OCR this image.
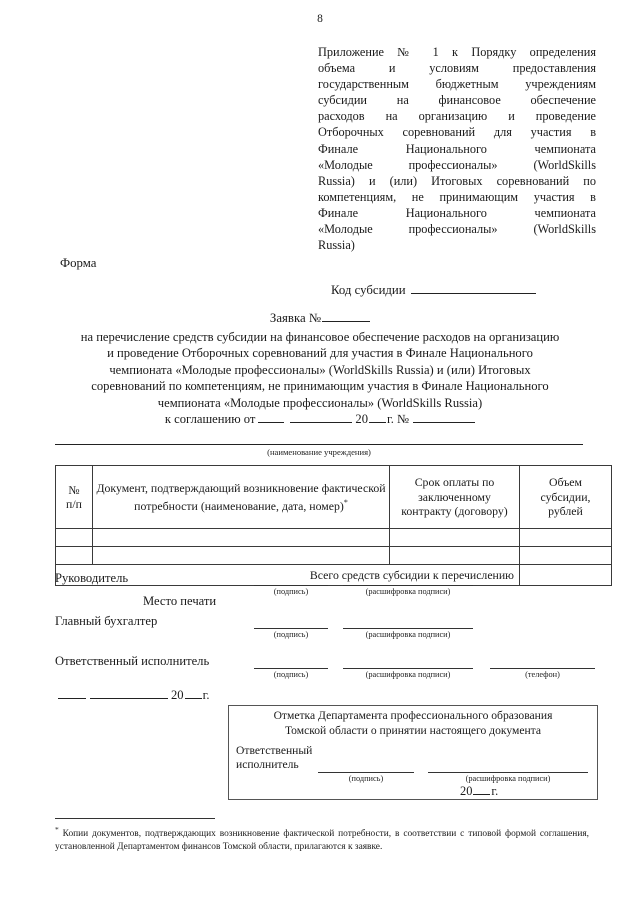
8

Приложение № 1 к Порядку определения

объема и условиям предоставления

государственным бюджетным учреждениям

субсидии на финансовое обеспечение

расходов на организацию и проведение

Отборочных соревнований для участия в

Финале Национального чемпионата

«Молодые профессионалы» (WorldSkills

Russia) и (или) Итоговых соревнований по

компетенциям, не принимающим участия в

Финале Национального чемпионата

«Молодые профессионалы» (WorldSkills

Russia)

Форма
Код субсидии
Заявка №

на перечисление средств субсидии на финансовое обеспечение расходов на организацию

и проведение Отборочных соревнований для участия в Финале Национального

чемпионата «Молодые профессионалы» (WorldSkills Russia) и (или) Итоговых

соревнований по компетенциям, не принимающим участия в Финале Национального

чемпионата «Молодые профессионалы» (WorldSkills Russia)

к соглашению от	20 г. №
(наименование учреждения)
№
п/п	Документ, подтверждающий возникновение фактической потребности (наименование, дата, номер)*	Срок оплаты по заключенному контракту (договору)	Объем субсидии, рублей

Всего средств субсидии к перечислению			
Руководитель
(подпись)	(расшифровка подписи)
Место печати
Главный бухгалтер
(подпись)	(расшифровка подписи)
Ответственный исполнитель
(подпись)	(расшифровка подписи)	(телефон)
20 г.
Отметка Департамента профессионального образования
Томской области о принятии настоящего документа
Ответственный
исполнитель
(подпись)	(расшифровка подписи)
20 г.
* Копии документов, подтверждающих возникновение фактической потребности, в соответствии с типовой формой соглашения, установленной Департаментом финансов Томской области, прилагаются к заявке.
